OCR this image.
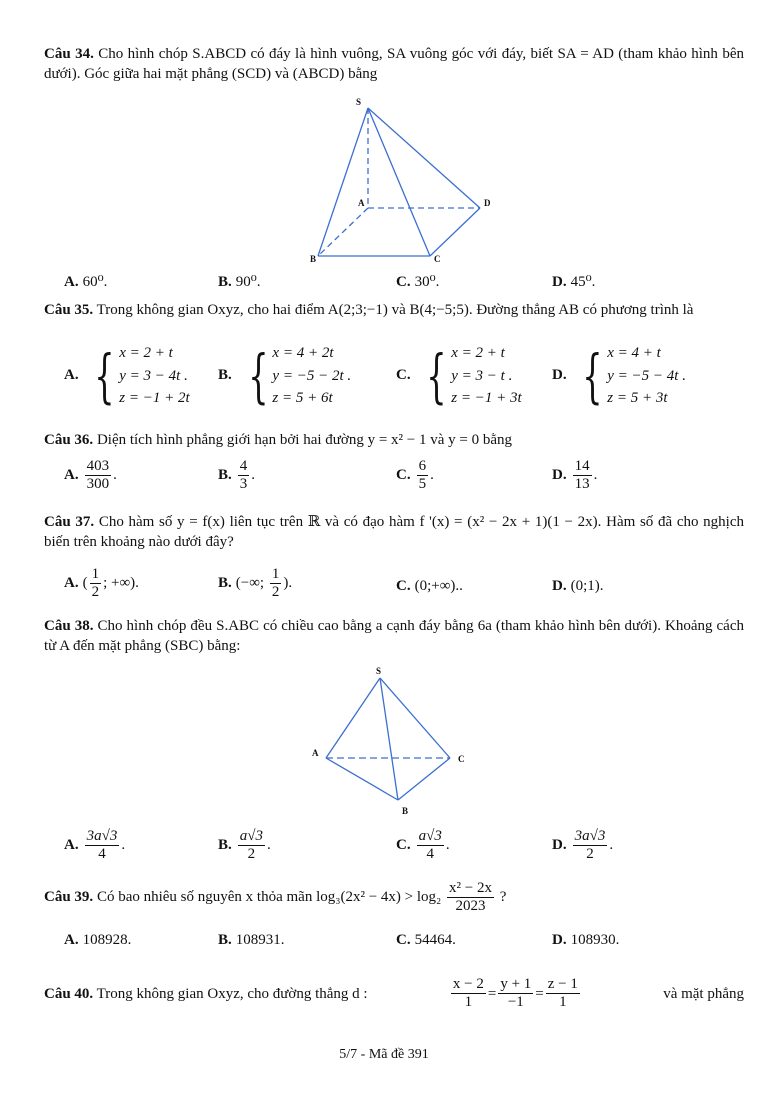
Câu 34. Cho hình chóp S.ABCD có đáy là hình vuông, SA vuông góc với đáy, biết SA = AD (tham khảo hình bên dưới). Góc giữa hai mặt phẳng (SCD) và (ABCD) bằng
S
A
B	C
D
A. 60⁰.	B. 90⁰.	C. 30⁰.	D. 45⁰.
Câu 35. Trong không gian Oxyz, cho hai điểm A(2;3;−1) và B(4;−5;5). Đường thẳng AB có phương trình là
A. { x = 2 + t
y = 3 − 4t .
z = −1 + 2t
B. { x = 4 + 2t
y = −5 − 2t .
z = 5 + 6t
C. { x = 2 + t
y = 3 − t .
z = −1 + 3t
D. { x = 4 + t
y = −5 − 4t .
z = 5 + 3t
Câu 36. Diện tích hình phẳng giới hạn bởi hai đường y = x² − 1 và y = 0 bằng
A. $\frac{403}{300}$ .	B. $\frac{4}{3}$ .	C. $\frac{6}{5}$ .	D. $\frac{14}{13}$ .
Câu 37. Cho hàm số y = f(x) liên tục trên ℝ và có đạo hàm f '(x) = (x² − 2x + 1)(1 − 2x). Hàm số đã cho nghịch biến trên khoảng nào dưới đây?
A. ( $\frac{1}{2}$ ; +∞).	B. (−∞; $\frac{1}{2}$ ).	C. (0;+∞)..	D. (0;1).
Câu 38. Cho hình chóp đều S.ABC có chiều cao bằng a cạnh đáy bằng 6a (tham khảo hình bên dưới). Khoảng cách từ A đến mặt phẳng (SBC) bằng:
S
A
B
C
A. $\frac{3a√3}{4}$ .	B. $\frac{a√3}{2}$ .	C. $\frac{a√3}{4}$ .	D. $\frac{3a√3}{2}$ .
Câu 39. Có bao nhiêu số nguyên x thỏa mãn $\log_3(2x^2 - 4x) > \log_2 \frac{\text{x² − 2x}}{2023}$ ?
A. 108928.	B. 108931.	C. 54464.	D. 108930.
Câu 40. Trong không gian Oxyz, cho đường thẳng d :	$\frac{x - 2}{1} = \frac{y + 1}{-1} = \frac{z - 1}{1}$	và mặt phẳng
5/7 - Mã đề 391
